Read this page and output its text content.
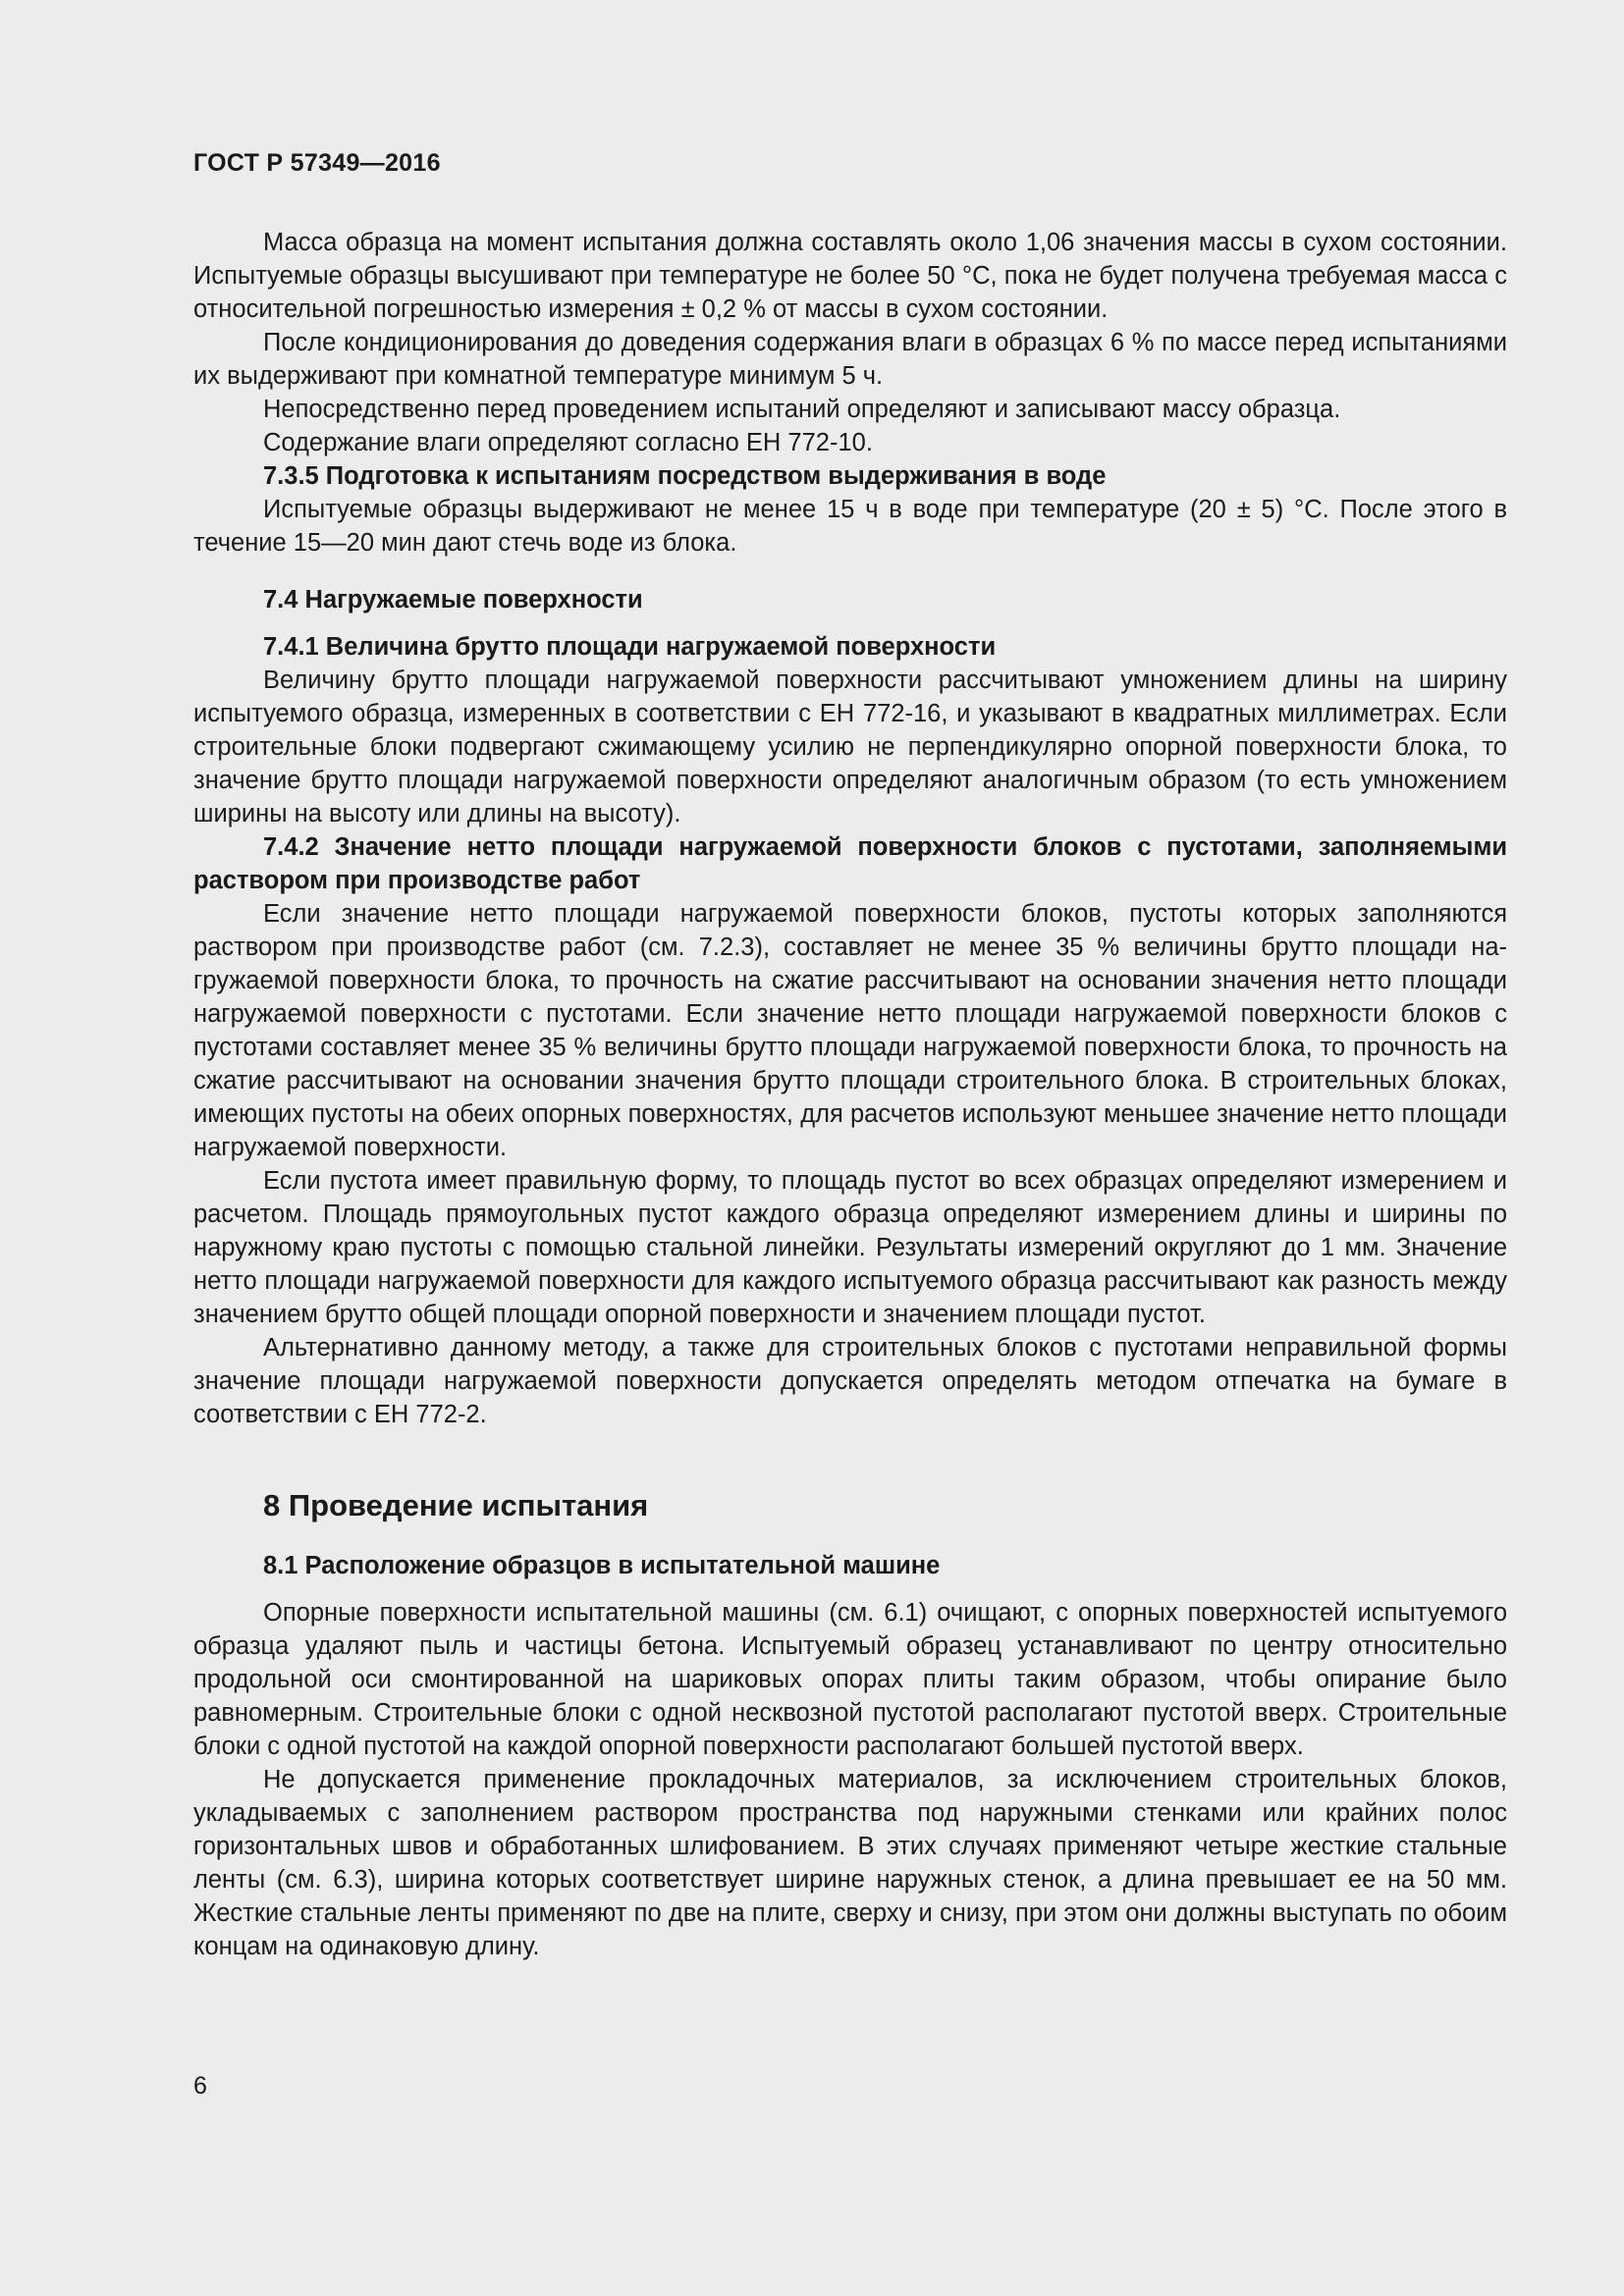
ГОСТ Р 57349—2016

Масса образца на момент испытания должна составлять около 1,06 значения массы в сухом состоянии. Испытуемые образцы высушивают при температуре не более 50 °С, пока не будет получена требуемая масса с относительной погрешностью измерения ± 0,2 % от массы в сухом состоянии.

После кондиционирования до доведения содержания влаги в образцах 6 % по массе перед испытаниями их выдерживают при комнатной температуре минимум 5 ч.

Непосредственно перед проведением испытаний определяют и записывают массу образца.

Содержание влаги определяют согласно ЕН 772-10.

7.3.5 Подготовка к испытаниям посредством выдерживания в воде

Испытуемые образцы выдерживают не менее 15 ч в воде при температуре (20 ± 5) °С. После этого в течение 15—20 мин дают стечь воде из блока.

7.4 Нагружаемые поверхности
7.4.1 Величина брутто площади нагружаемой поверхности

Величину брутто площади нагружаемой поверхности рассчитывают умножением длины на ширину испытуемого образца, измеренных в соответствии с ЕН 772-16, и указывают в квадратных миллиметрах. Если строительные блоки подвергают сжимающему усилию не перпендикулярно опорной поверхности блока, то значение брутто площади нагружаемой поверхности определяют аналогичным образом (то есть умножением ширины на высоту или длины на высоту).

7.4.2 Значение нетто площади нагружаемой поверхности блоков с пустотами, заполняемыми раствором при производстве работ

Если значение нетто площади нагружаемой поверхности блоков, пустоты которых заполняются раствором при производстве работ (см. 7.2.3), составляет не менее 35 % величины брутто площади нагружаемой поверхности блока, то прочность на сжатие рассчитывают на основании значения нетто площади нагружаемой поверхности с пустотами. Если значение нетто площади нагружаемой поверхности блоков с пустотами составляет менее 35 % величины брутто площади нагружаемой поверхности блока, то прочность на сжатие рассчитывают на основании значения брутто площади строительного блока. В строительных блоках, имеющих пустоты на обеих опорных поверхностях, для расчетов используют меньшее значение нетто площади нагружаемой поверхности.

Если пустота имеет правильную форму, то площадь пустот во всех образцах определяют измерением и расчетом. Площадь прямоугольных пустот каждого образца определяют измерением длины и ширины по наружному краю пустоты с помощью стальной линейки. Результаты измерений округляют до 1 мм. Значение нетто площади нагружаемой поверхности для каждого испытуемого образца рассчитывают как разность между значением брутто общей площади опорной поверхности и значением площади пустот.

Альтернативно данному методу, а также для строительных блоков с пустотами неправильной формы значение площади нагружаемой поверхности допускается определять методом отпечатка на бумаге в соответствии с ЕН 772-2.

8 Проведение испытания
8.1 Расположение образцов в испытательной машине

Опорные поверхности испытательной машины (см. 6.1) очищают, с опорных поверхностей испытуемого образца удаляют пыль и частицы бетона. Испытуемый образец устанавливают по центру относительно продольной оси смонтированной на шариковых опорах плиты таким образом, чтобы опирание было равномерным. Строительные блоки с одной несквозной пустотой располагают пустотой вверх. Строительные блоки с одной пустотой на каждой опорной поверхности располагают большей пустотой вверх.

Не допускается применение прокладочных материалов, за исключением строительных блоков, укладываемых с заполнением раствором пространства под наружными стенками или крайних полос горизонтальных швов и обработанных шлифованием. В этих случаях применяют четыре жесткие стальные ленты (см. 6.3), ширина которых соответствует ширине наружных стенок, а длина превышает ее на 50 мм. Жесткие стальные ленты применяют по две на плите, сверху и снизу, при этом они должны выступать по обоим концам на одинаковую длину.

6
